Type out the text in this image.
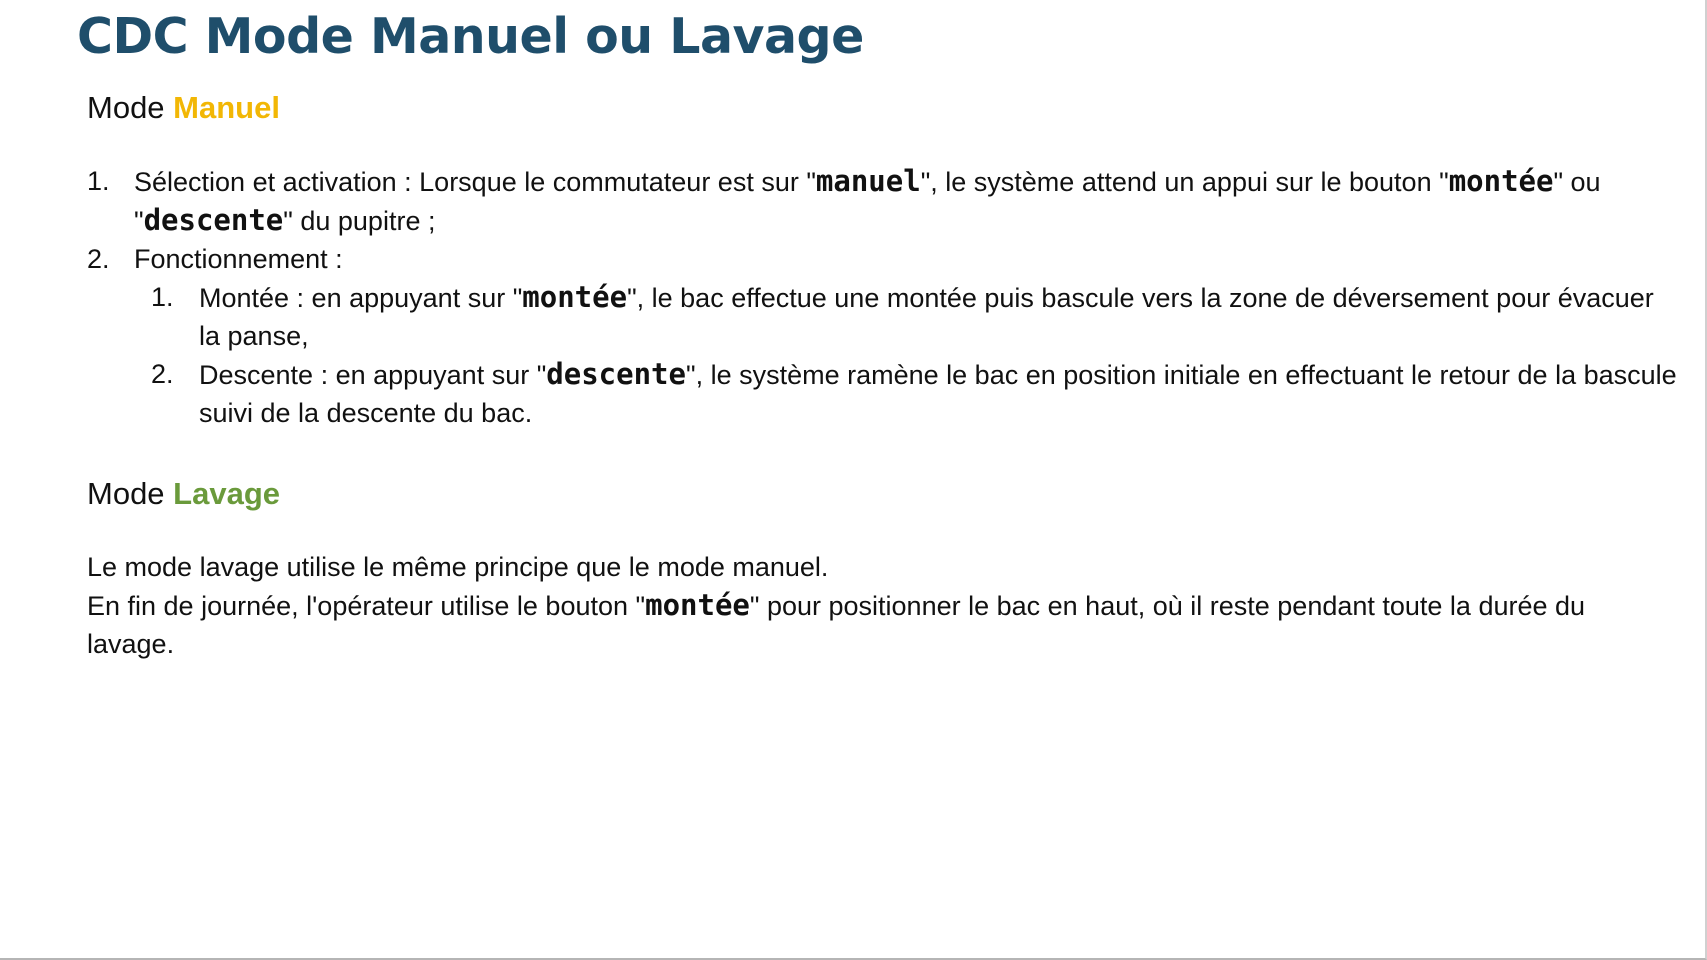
CDC Mode Manuel ou Lavage
Mode Manuel
1. Sélection et activation : Lorsque le commutateur est sur "manuel", le système attend un appui sur le bouton "montée" ou "descente" du pupitre ;
2. Fonctionnement :
1. Montée : en appuyant sur "montée", le bac effectue une montée puis bascule vers la zone de déversement pour évacuer la panse,
2. Descente : en appuyant sur "descente", le système ramène le bac en position initiale en effectuant le retour de la bascule suivi de la descente du bac.
Mode Lavage

Le mode lavage utilise le même principe que le mode manuel.

En fin de journée, l'opérateur utilise le bouton "montée" pour positionner le bac en haut, où il reste pendant toute la durée du lavage.
